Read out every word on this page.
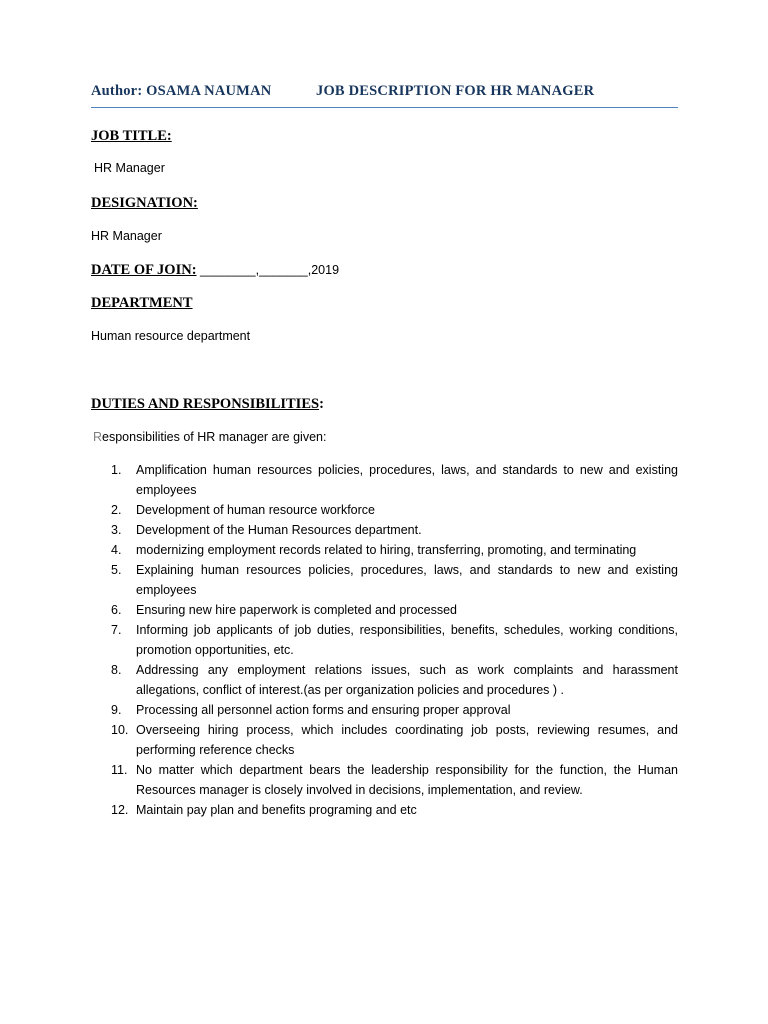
Author: OSAMA NAUMAN	JOB DESCRIPTION FOR HR MANAGER
JOB TITLE:
HR Manager
DESIGNATION:
HR Manager
DATE OF JOIN: ________,_______,2019
DEPARTMENT
Human resource department
DUTIES AND RESPONSIBILITIES:
Responsibilities of HR manager are given:
1.	Amplification human resources policies, procedures, laws, and standards to new and existing employees
2.	Development of human resource workforce
3.	Development of the Human Resources department.
4.	modernizing employment records related to hiring, transferring, promoting, and terminating
5.	Explaining human resources policies, procedures, laws, and standards to new and existing employees
6.	Ensuring new hire paperwork is completed and processed
7.	Informing job applicants of job duties, responsibilities, benefits, schedules, working conditions, promotion opportunities, etc.
8.	Addressing any employment relations issues, such as work complaints and harassment allegations, conflict of interest.(as per organization policies and procedures ) .
9.	Processing all personnel action forms and ensuring proper approval
10. Overseeing hiring process, which includes coordinating job posts, reviewing resumes, and performing reference checks
11. No matter which department bears the leadership responsibility for the function, the Human Resources manager is closely involved in decisions, implementation, and review.
12. Maintain pay plan and benefits programing and etc
